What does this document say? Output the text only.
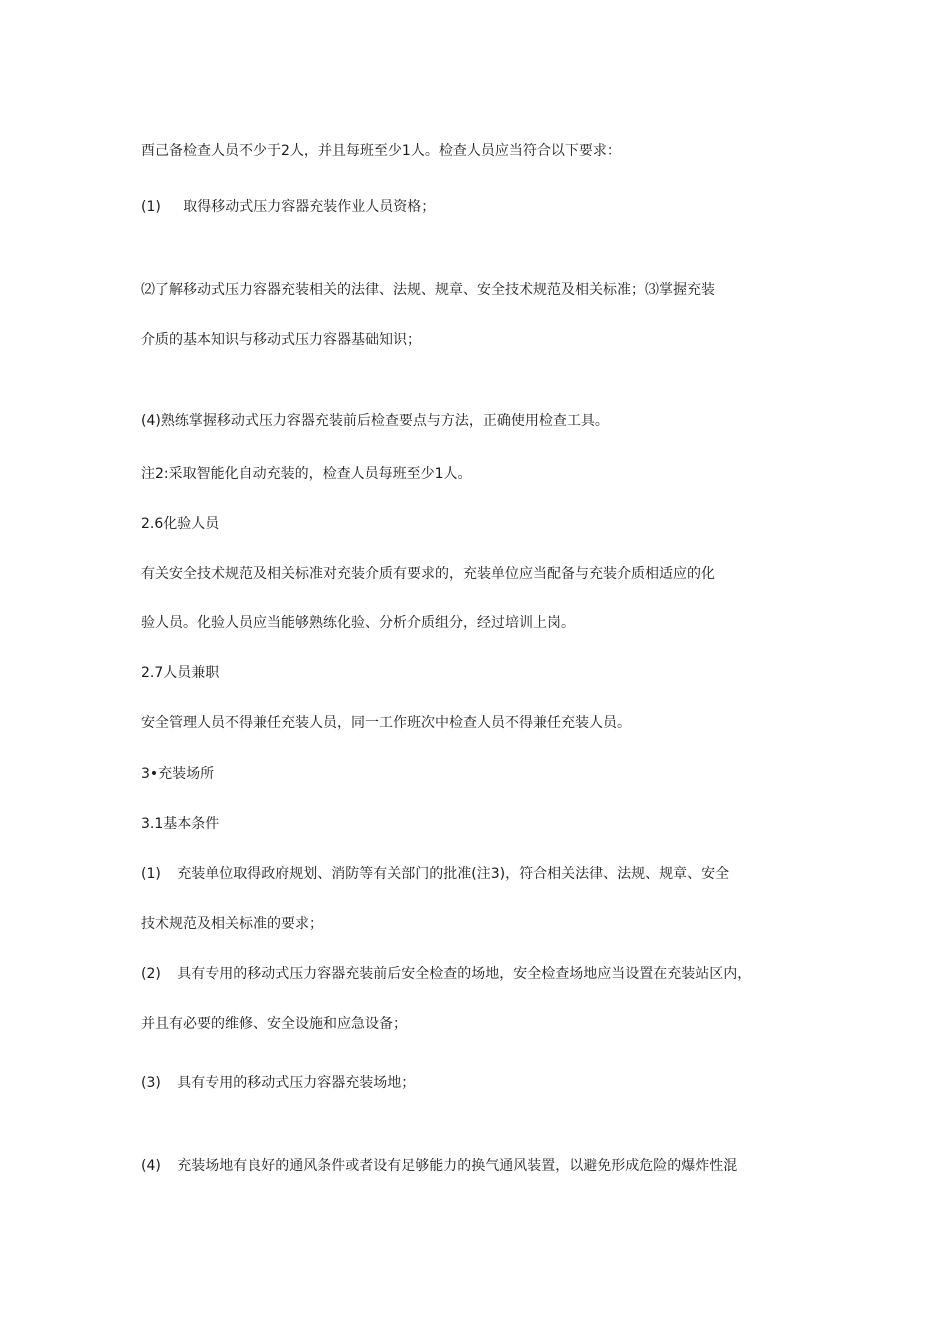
酉己备检查人员不少于2人，并且每班至少1人。检查人员应当符合以下要求：

(1) 取得移动式压力容器充装作业人员资格；

⑵了解移动式压力容器充装相关的法律、法规、规章、安全技术规范及相关标准；⑶掌握充装

介质的基本知识与移动式压力容器基础知识；

(4)熟练掌握移动式压力容器充装前后检查要点与方法，正确使用检查工具。

注2:采取智能化自动充装的，检查人员每班至少1人。

2.6化验人员

有关安全技术规范及相关标准对充装介质有要求的，充装单位应当配备与充装介质相适应的化

验人员。化验人员应当能够熟练化验、分析介质组分，经过培训上岗。

2.7人员兼职

安全管理人员不得兼任充装人员，同一工作班次中检查人员不得兼任充装人员。

3•充装场所

3.1基本条件

(1) 充装单位取得政府规划、消防等有关部门的批准(注3)，符合相关法律、法规、规章、安全

技术规范及相关标准的要求；

(2) 具有专用的移动式压力容器充装前后安全检查的场地，安全检查场地应当设置在充装站区内，

并且有必要的维修、安全设施和应急设备；

(3) 具有专用的移动式压力容器充装场地；

(4) 充装场地有良好的通风条件或者设有足够能力的换气通风装置，以避免形成危险的爆炸性混
